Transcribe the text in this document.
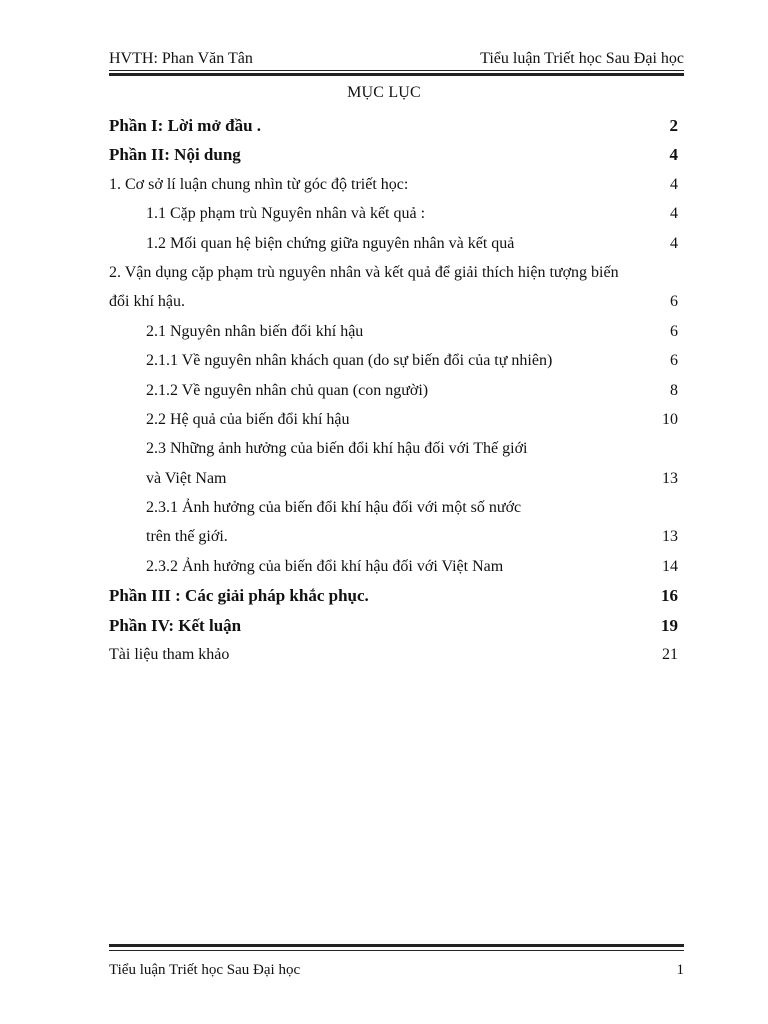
HVTH: Phan Văn Tân	Tiểu luận Triết học Sau Đại học
MỤC LỤC
Phần I: Lời mở đầu .	2
Phần II: Nội dung	4
1. Cơ sở lí luận chung nhìn từ góc độ triết học:	4
1.1 Cặp phạm trù Nguyên nhân và kết quả :	4
1.2 Mối quan hệ biện chứng giữa nguyên nhân và kết quả	4
2. Vận dụng cặp phạm trù nguyên nhân và kết quả để giải thích hiện tượng biến
đổi khí hậu.	6
2.1 Nguyên nhân biến đổi khí hậu	6
2.1.1 Về nguyên nhân khách quan (do sự biến đổi của tự nhiên)	6
2.1.2 Về nguyên nhân chủ quan (con người)	8
2.2 Hệ quả của biến đổi khí hậu	10
2.3 Những ảnh hưởng của biến đổi khí hậu đối với Thế giới
và Việt Nam	13
2.3.1 Ảnh hưởng của biến đổi khí hậu đối với một số nước
trên thế giới.	13
2.3.2 Ảnh hưởng của biến đổi khí hậu đối với Việt Nam	14
Phần III : Các giải pháp khắc phục.	16
Phần IV: Kết luận	19
Tài liệu tham khảo	21
Tiểu luận Triết học Sau Đại học	1
